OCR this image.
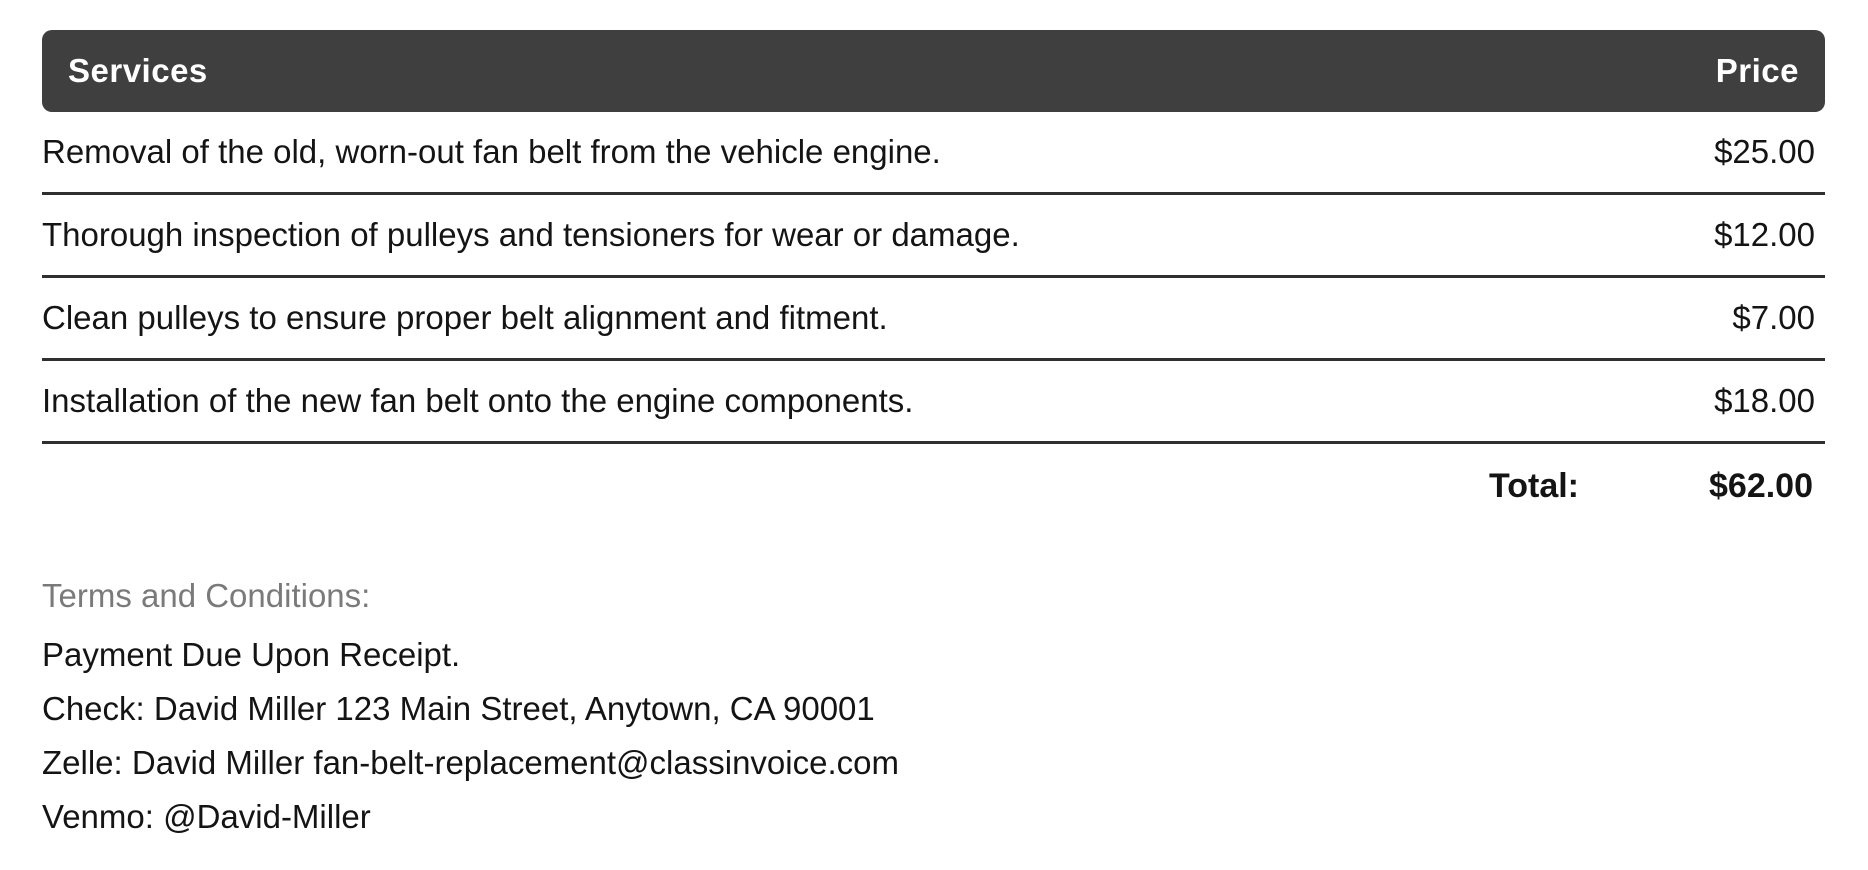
Services	Price
Removal of the old, worn-out fan belt from the vehicle engine.	$25.00
Thorough inspection of pulleys and tensioners for wear or damage.	$12.00
Clean pulleys to ensure proper belt alignment and fitment.	$7.00
Installation of the new fan belt onto the engine components.	$18.00
Total:	$62.00
Terms and Conditions:
Payment Due Upon Receipt.
Check: David Miller 123 Main Street, Anytown, CA 90001
Zelle: David Miller fan-belt-replacement@classinvoice.com
Venmo: @David-Miller
